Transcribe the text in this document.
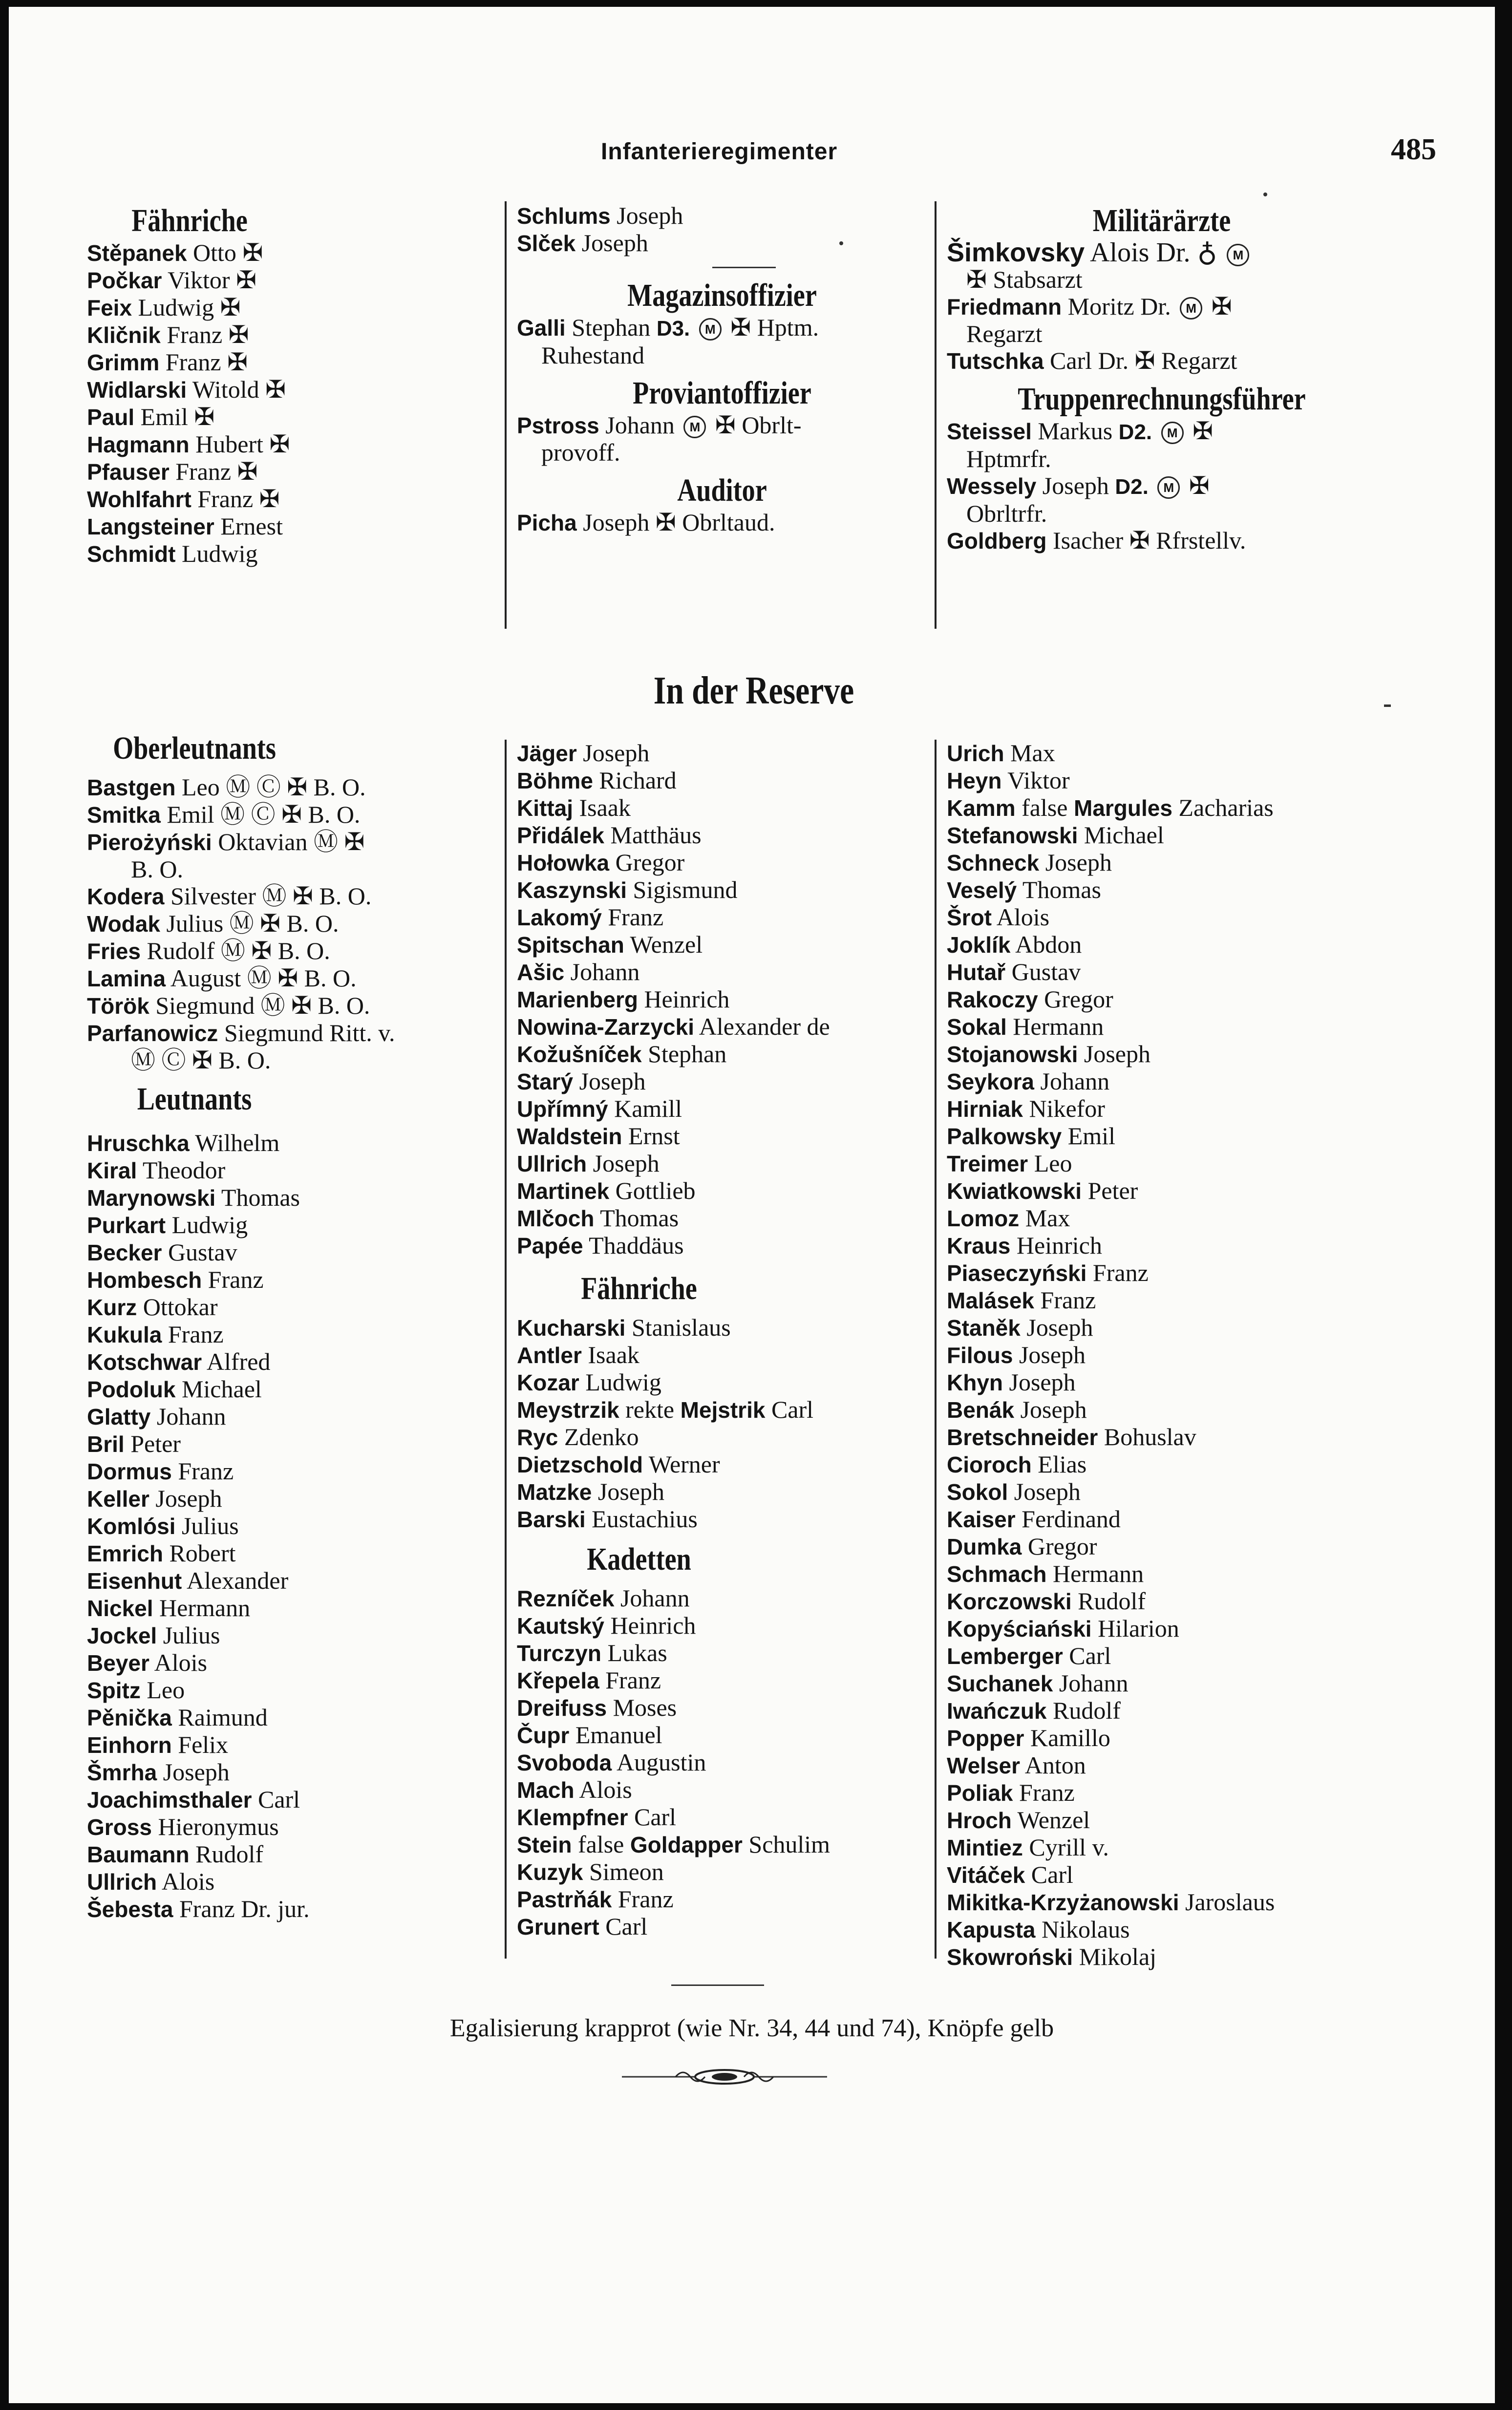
Infanterieregimenter	485
Fähnriche
Stěpanek Otto ✠
Počkar Viktor ✠
Feix Ludwig ✠
Kličnik Franz ✠
Grimm Franz ✠
Widlarski Witold ✠
Paul Emil ✠
Hagmann Hubert ✠
Pfauser Franz ✠
Wohlfahrt Franz ✠
Langsteiner Ernest
Schmidt Ludwig
Schlums Joseph
Slček Joseph
Magazinsoffizier
Galli Stephan D3. M ✠ Hptm.
Ruhestand
Proviantoffizier
Pstross Johann M ✠ Obrlt-
provoff.
Auditor
Picha Joseph ✠ Obrltaud.
Militärärzte
Šimkovsky Alois Dr. ♁ M
✠ Stabsarzt
Friedmann Moritz Dr. M ✠
Regarzt
Tutschka Carl Dr. ✠ Regarzt
Truppenrechnungsführer
Steissel Markus D2. M ✠
Hptmrfr.
Wessely Joseph D2. M ✠
Obrltrfr.
Goldberg Isacher ✠ Rfrstellv.
In der Reserve
Oberleutnants
Bastgen Leo Ⓜ Ⓒ ✠ B. O.
Smitka Emil Ⓜ Ⓒ ✠ B. O.
Pierożyński Oktavian Ⓜ ✠
B. O.
Kodera Silvester Ⓜ ✠ B. O.
Wodak Julius Ⓜ ✠ B. O.
Fries Rudolf Ⓜ ✠ B. O.
Lamina August Ⓜ ✠ B. O.
Török Siegmund Ⓜ ✠ B. O.
Parfanowicz Siegmund Ritt. v.
Ⓜ Ⓒ ✠ B. O.
Leutnants
Hruschka Wilhelm
Kiral Theodor
Marynowski Thomas
Purkart Ludwig
Becker Gustav
Hombesch Franz
Kurz Ottokar
Kukula Franz
Kotschwar Alfred
Podoluk Michael
Glatty Johann
Bril Peter
Dormus Franz
Keller Joseph
Komlósi Julius
Emrich Robert
Eisenhut Alexander
Nickel Hermann
Jockel Julius
Beyer Alois
Spitz Leo
Pěnička Raimund
Einhorn Felix
Šmrha Joseph
Joachimsthaler Carl
Gross Hieronymus
Baumann Rudolf
Ullrich Alois
Šebesta Franz Dr. jur.
Jäger Joseph
Böhme Richard
Kittaj Isaak
Přidálek Matthäus
Hołowka Gregor
Kaszynski Sigismund
Lakomý Franz
Spitschan Wenzel
Ašic Johann
Marienberg Heinrich
Nowina-Zarzycki Alexander de
Kožušníček Stephan
Starý Joseph
Upřímný Kamill
Waldstein Ernst
Ullrich Joseph
Martinek Gottlieb
Mlčoch Thomas
Papée Thaddäus
Fähnriche
Kucharski Stanislaus
Antler Isaak
Kozar Ludwig
Meystrzik rekte Mejstrik Carl
Ryc Zdenko
Dietzschold Werner
Matzke Joseph
Barski Eustachius
Kadetten
Rezníček Johann
Kautský Heinrich
Turczyn Lukas
Křepela Franz
Dreifuss Moses
Čupr Emanuel
Svoboda Augustin
Mach Alois
Klempfner Carl
Stein false Goldapper Schulim
Kuzyk Simeon
Pastrňák Franz
Grunert Carl
Urich Max
Heyn Viktor
Kamm false Margules Zacharias
Stefanowski Michael
Schneck Joseph
Veselý Thomas
Šrot Alois
Joklík Abdon
Hutař Gustav
Rakoczy Gregor
Sokal Hermann
Stojanowski Joseph
Seykora Johann
Hirniak Nikefor
Palkowsky Emil
Treimer Leo
Kwiatkowski Peter
Lomoz Max
Kraus Heinrich
Piaseczyński Franz
Malásek Franz
Staněk Joseph
Filous Joseph
Khyn Joseph
Benák Joseph
Bretschneider Bohuslav
Cioroch Elias
Sokol Joseph
Kaiser Ferdinand
Dumka Gregor
Schmach Hermann
Korczowski Rudolf
Kopyściański Hilarion
Lemberger Carl
Suchanek Johann
Iwańczuk Rudolf
Popper Kamillo
Welser Anton
Poliak Franz
Hroch Wenzel
Mintiez Cyrill v.
Vitáček Carl
Mikitka-Krzyżanowski Jaroslaus
Kapusta Nikolaus
Skowroński Mikolaj
Egalisierung krapprot (wie Nr. 34, 44 und 74), Knöpfe gelb
